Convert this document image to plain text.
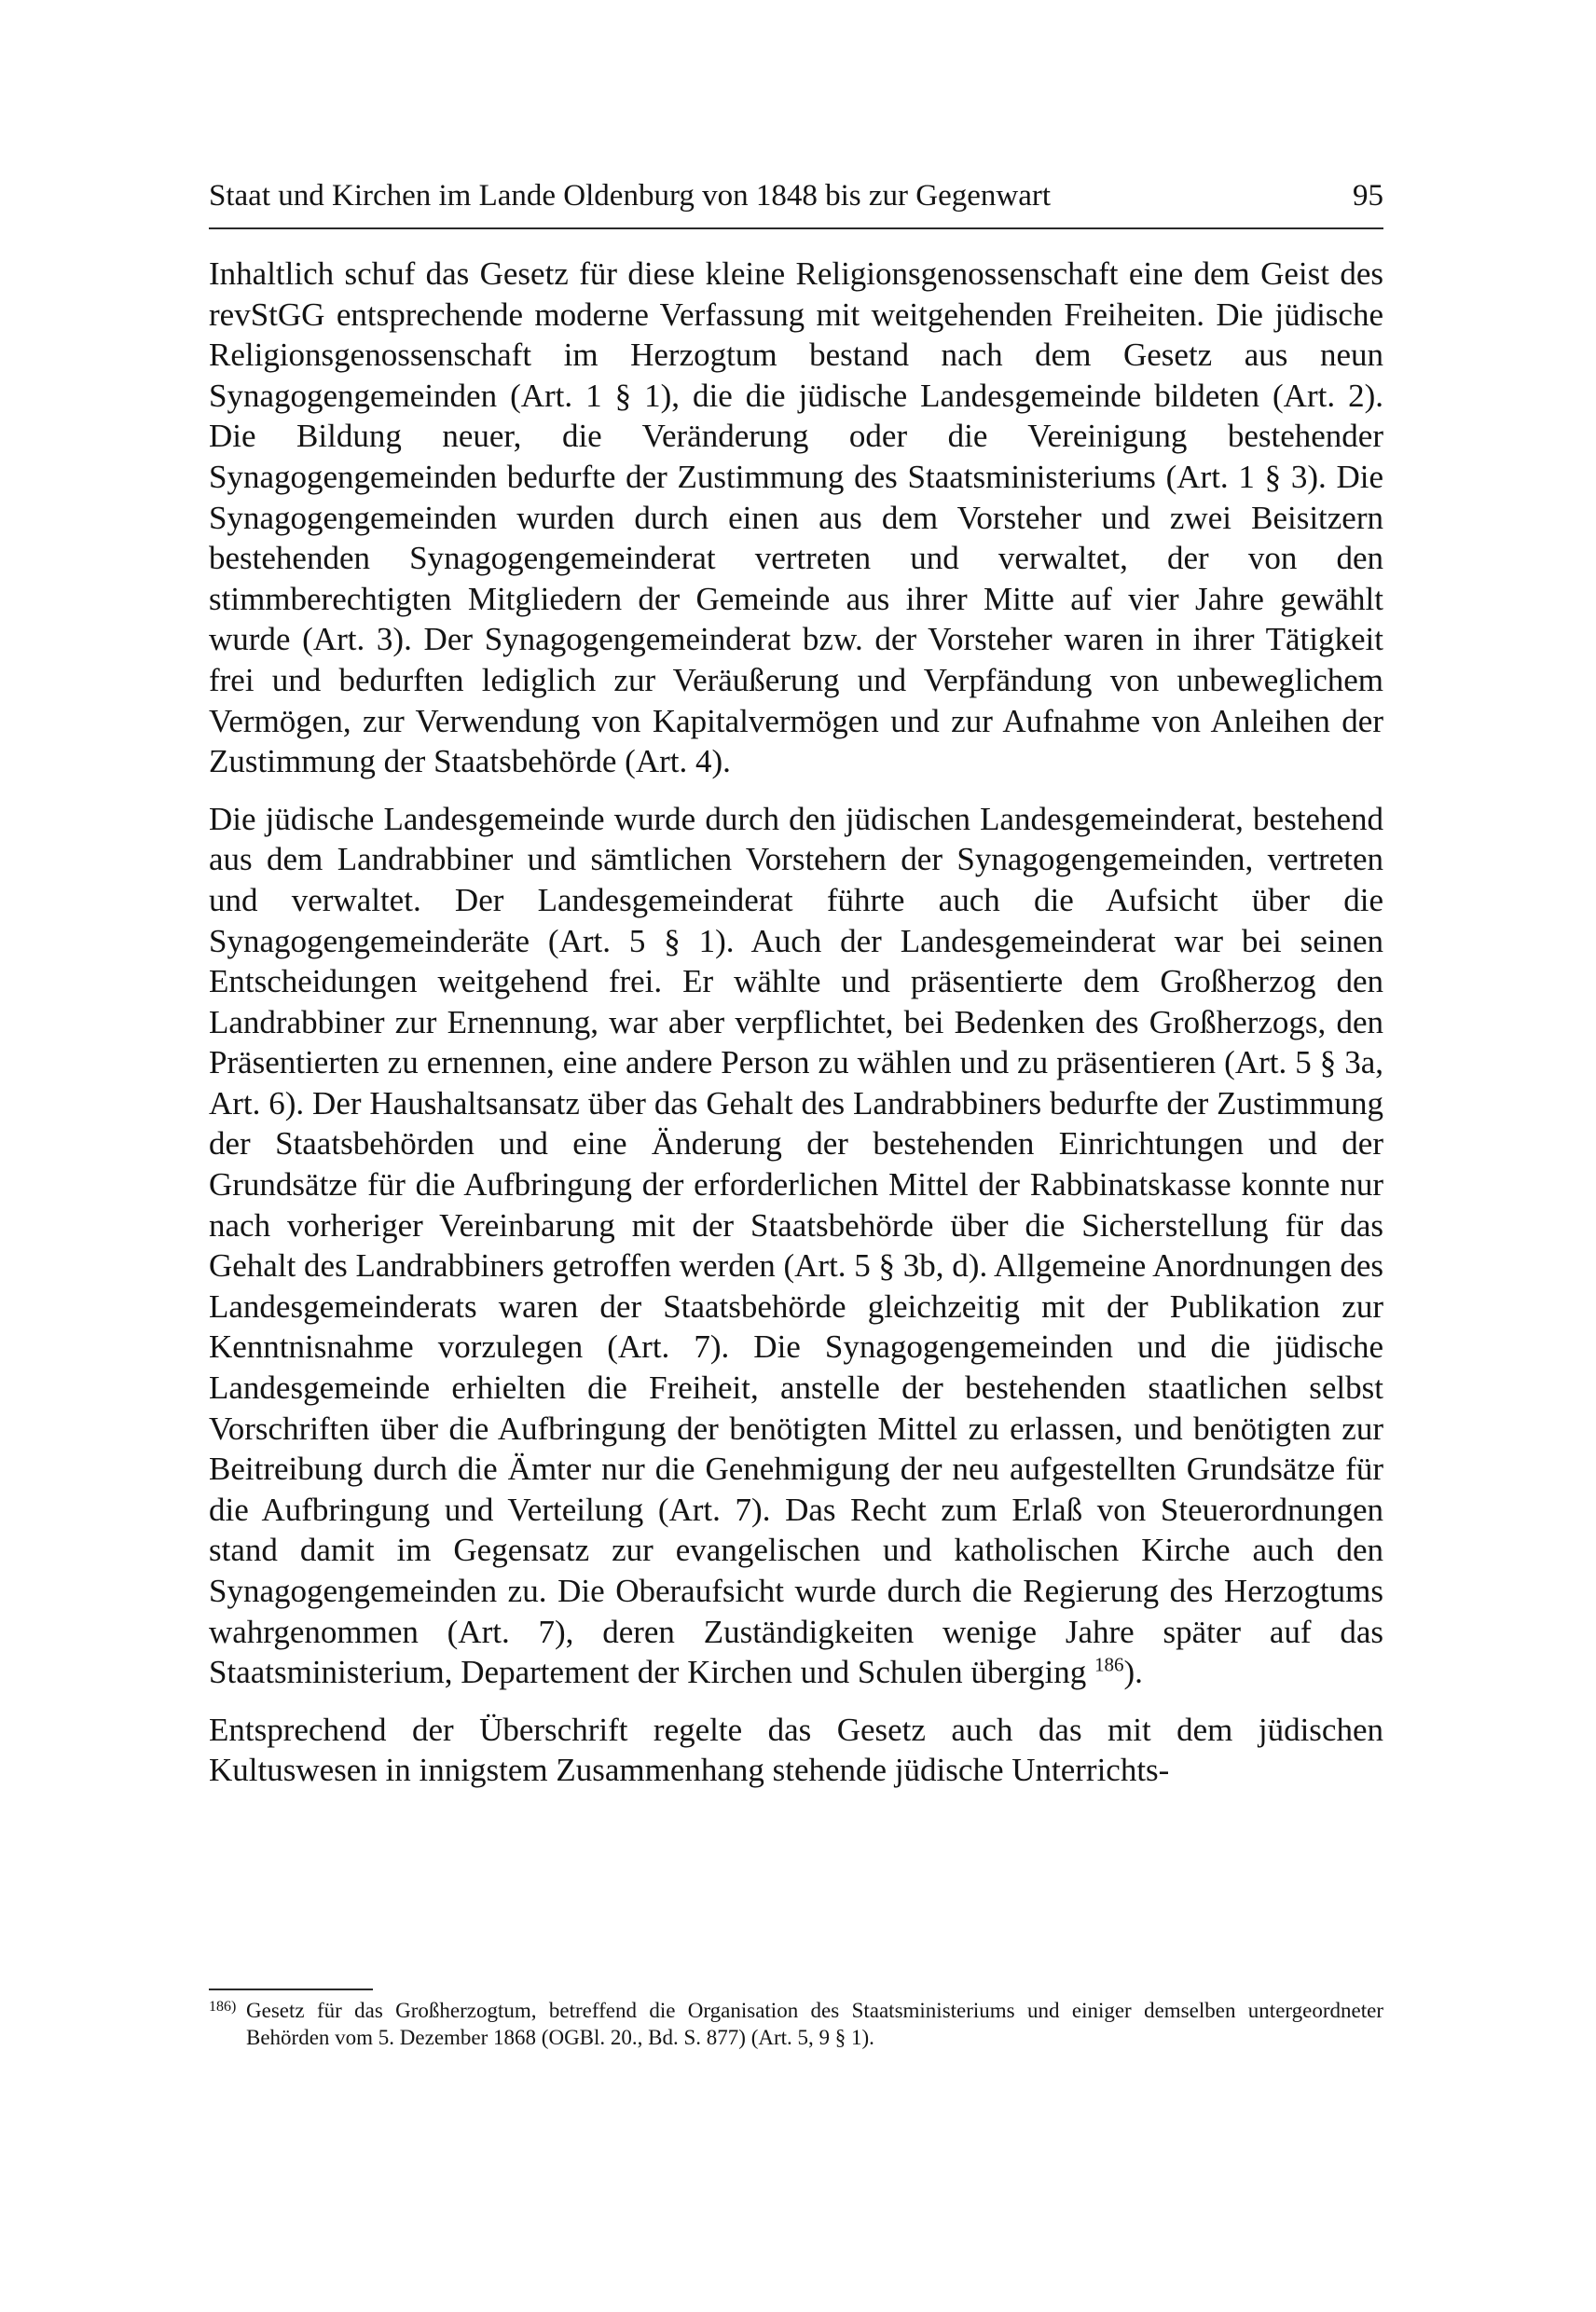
Staat und Kirchen im Lande Oldenburg von 1848 bis zur Gegenwart	95

Inhaltlich schuf das Gesetz für diese kleine Religionsgenossenschaft eine dem Geist des revStGG entsprechende moderne Verfassung mit weitgehenden Freiheiten. Die jüdische Religionsgenossenschaft im Herzogtum bestand nach dem Gesetz aus neun Synagogengemeinden (Art. 1 § 1), die die jüdische Landesgemeinde bildeten (Art. 2). Die Bildung neuer, die Veränderung oder die Vereinigung bestehender Synagogengemeinden bedurfte der Zustimmung des Staatsministeriums (Art. 1 § 3). Die Synagogengemeinden wurden durch einen aus dem Vorsteher und zwei Beisitzern bestehenden Synagogengemeinderat vertreten und verwaltet, der von den stimmberechtigten Mitgliedern der Gemeinde aus ihrer Mitte auf vier Jahre gewählt wurde (Art. 3). Der Synagogengemeinderat bzw. der Vorsteher waren in ihrer Tätigkeit frei und bedurften lediglich zur Veräußerung und Verpfändung von unbeweglichem Vermögen, zur Verwendung von Kapitalvermögen und zur Aufnahme von Anleihen der Zustimmung der Staatsbehörde (Art. 4).

Die jüdische Landesgemeinde wurde durch den jüdischen Landesgemeinderat, bestehend aus dem Landrabbiner und sämtlichen Vorstehern der Synagogengemeinden, vertreten und verwaltet. Der Landesgemeinderat führte auch die Aufsicht über die Synagogengemeinderäte (Art. 5 § 1). Auch der Landesgemeinderat war bei seinen Entscheidungen weitgehend frei. Er wählte und präsentierte dem Großherzog den Landrabbiner zur Ernennung, war aber verpflichtet, bei Bedenken des Großherzogs, den Präsentierten zu ernennen, eine andere Person zu wählen und zu präsentieren (Art. 5 § 3a, Art. 6). Der Haushaltsansatz über das Gehalt des Landrabbiners bedurfte der Zustimmung der Staatsbehörden und eine Änderung der bestehenden Einrichtungen und der Grundsätze für die Aufbringung der erforderlichen Mittel der Rabbinatskasse konnte nur nach vorheriger Vereinbarung mit der Staatsbehörde über die Sicherstellung für das Gehalt des Landrabbiners getroffen werden (Art. 5 § 3b, d). Allgemeine Anordnungen des Landesgemeinderats waren der Staatsbehörde gleichzeitig mit der Publikation zur Kenntnisnahme vorzulegen (Art. 7). Die Synagogengemeinden und die jüdische Landesgemeinde erhielten die Freiheit, anstelle der bestehenden staatlichen selbst Vorschriften über die Aufbringung der benötigten Mittel zu erlassen, und benötigten zur Beitreibung durch die Ämter nur die Genehmigung der neu aufgestellten Grundsätze für die Aufbringung und Verteilung (Art. 7). Das Recht zum Erlaß von Steuerordnungen stand damit im Gegensatz zur evangelischen und katholischen Kirche auch den Synagogengemeinden zu. Die Oberaufsicht wurde durch die Regierung des Herzogtums wahrgenommen (Art. 7), deren Zuständigkeiten wenige Jahre später auf das Staatsministerium, Departement der Kirchen und Schulen überging $^{186}$).

Entsprechend der Überschrift regelte das Gesetz auch das mit dem jüdischen Kultuswesen in innigstem Zusammenhang stehende jüdische Unterrichts-

186) Gesetz für das Großherzogtum, betreffend die Organisation des Staatsministeriums und einiger demselben untergeordneter Behörden vom 5. Dezember 1868 (OGBl. 20., Bd. S. 877) (Art. 5, 9 § 1).
